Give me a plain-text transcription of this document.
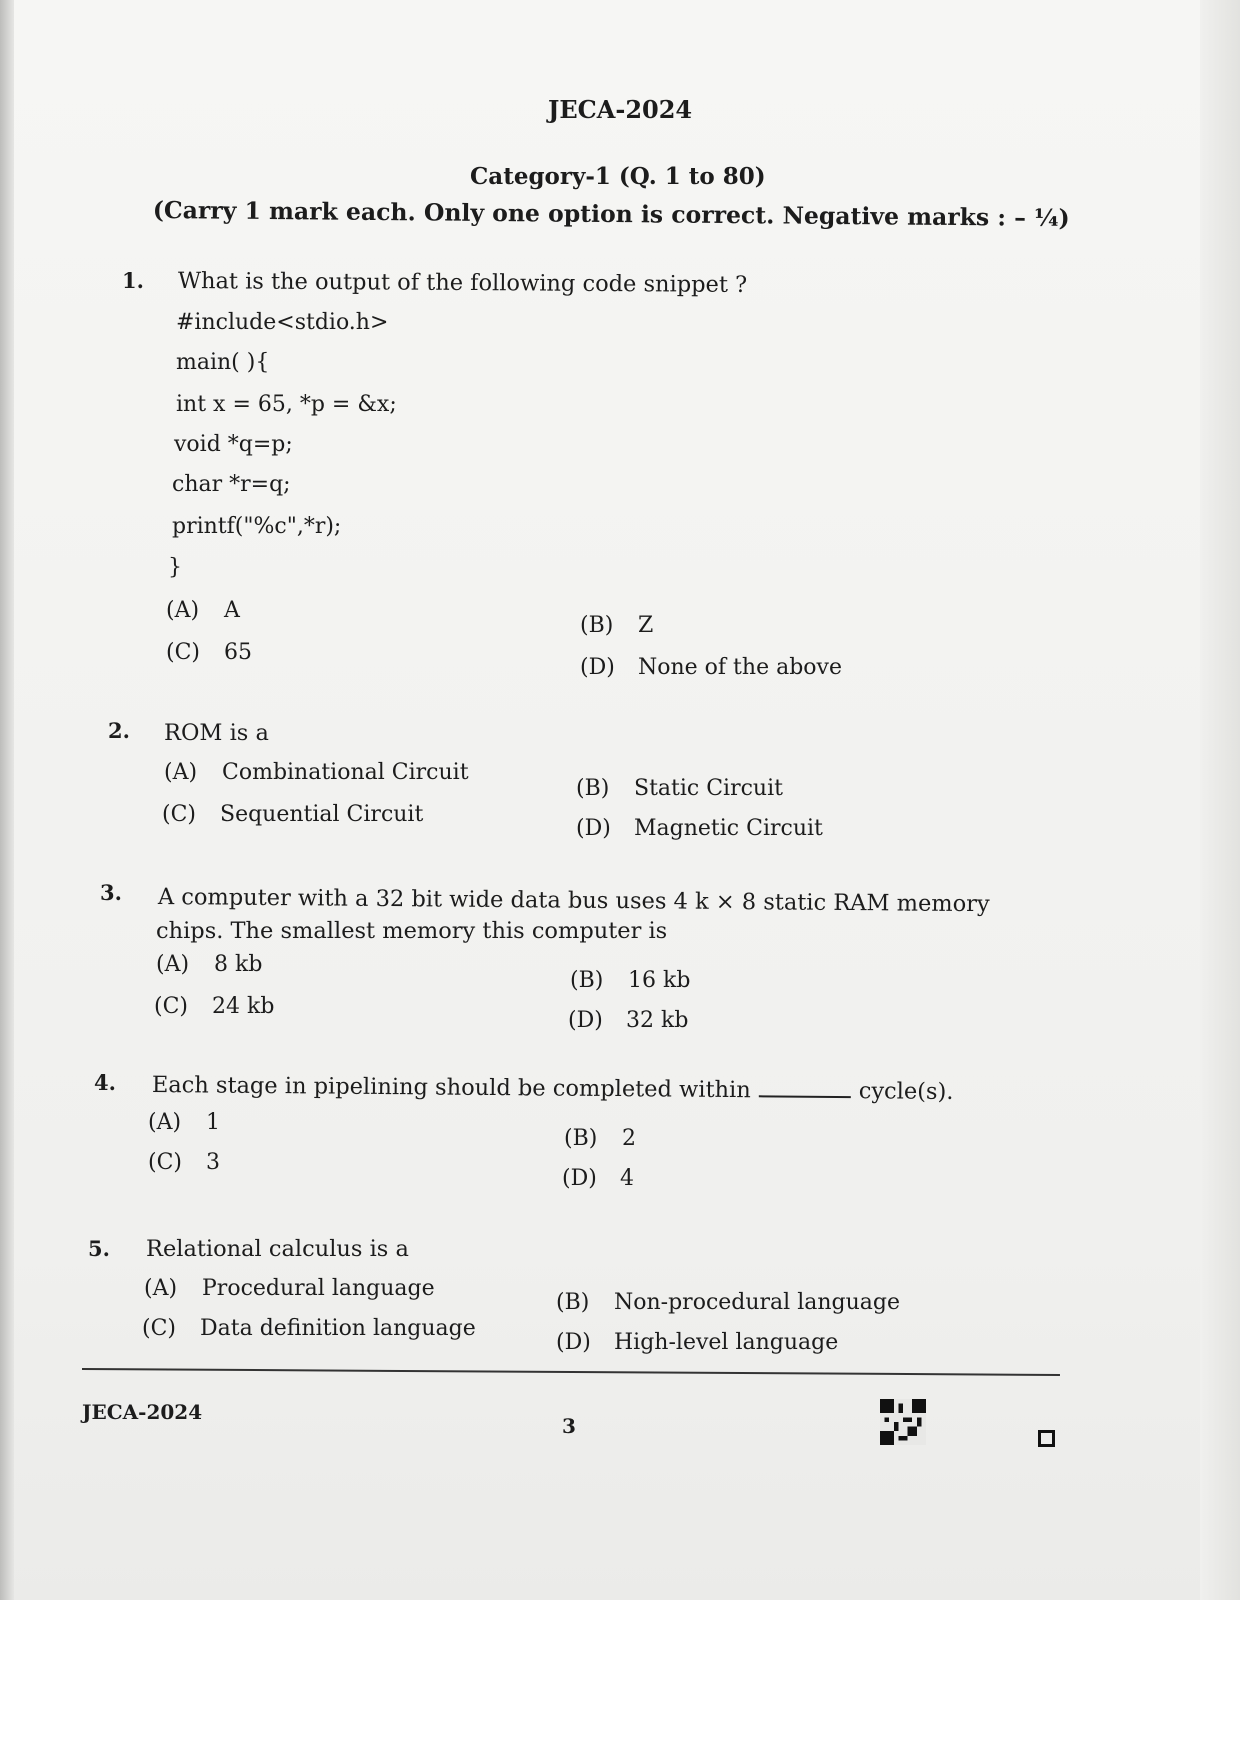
JECA-2024
Category-1 (Q. 1 to 80)
(Carry 1 mark each. Only one option is correct. Negative marks : – ¼)
1. What is the output of the following code snippet ?
#include<stdio.h>
main( ){
int x = 65, *p = &x;
void *q=p;
char *r=q;
printf("%c",*r);
}
(A) A
(B) Z
(C) 65
(D) None of the above
2. ROM is a
(A) Combinational Circuit
(B) Static Circuit
(C) Sequential Circuit
(D) Magnetic Circuit
3. A computer with a 32 bit wide data bus uses 4 k × 8 static RAM memory
chips. The smallest memory this computer is
(A) 8 kb
(B) 16 kb
(C) 24 kb
(D) 32 kb
4. Each stage in pipelining should be completed within	cycle(s).
(A) 1
(B) 2
(C) 3
(D) 4
5. Relational calculus is a
(A) Procedural language
(B) Non-procedural language
(C) Data definition language
(D) High-level language
JECA-2024
3
